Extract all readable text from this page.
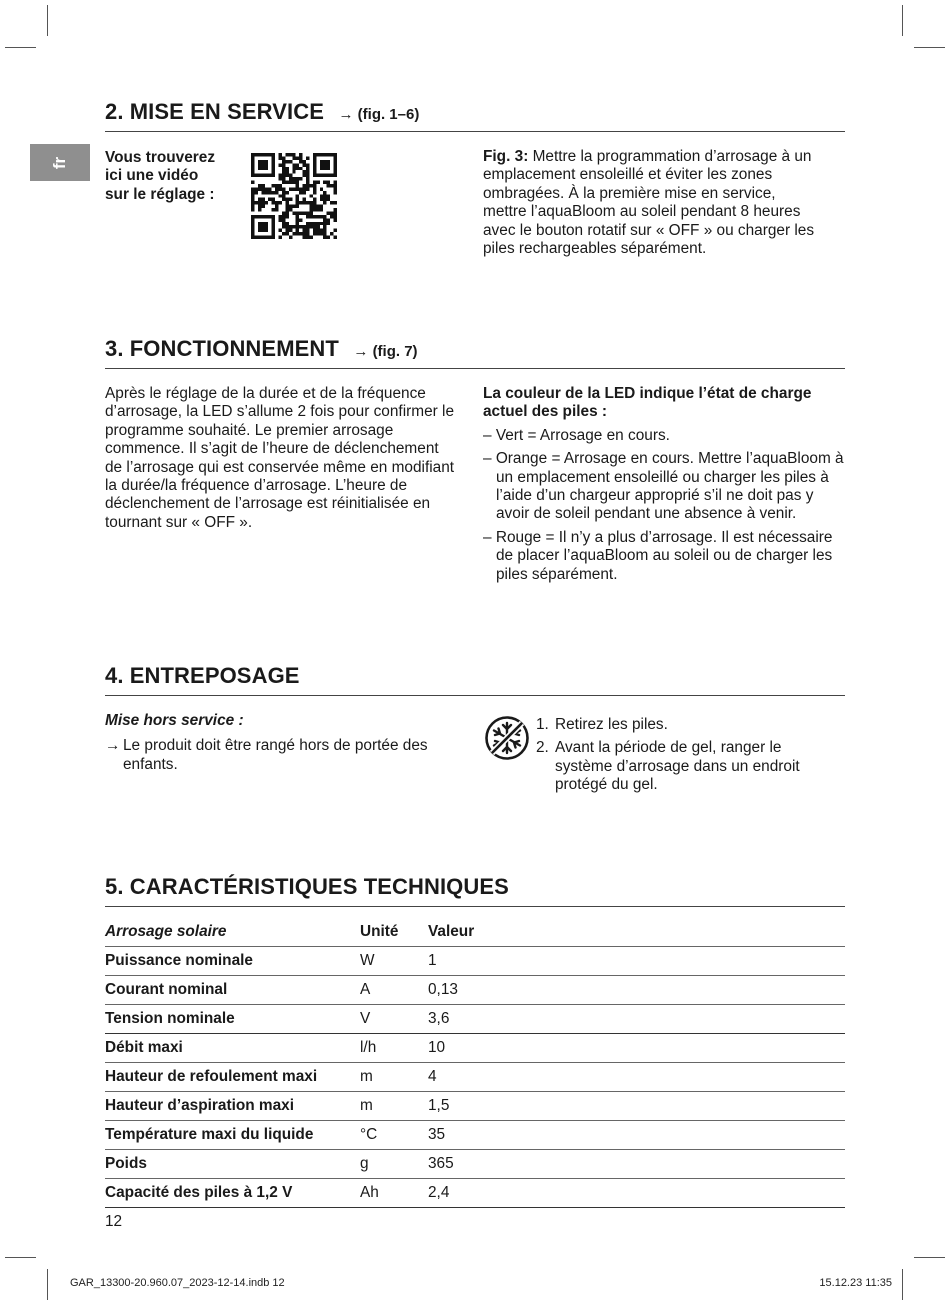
fr
2. MISE EN SERVICE → (fig. 1–6)
Vous trouverez
ici une vidéo
sur le réglage :
Fig. 3: Mettre la programmation d’arrosage à un emplacement ensoleillé et éviter les zones ombragées. À la première mise en service, mettre l’aquaBloom au soleil pendant 8 heures avec le bouton rotatif sur « OFF » ou charger les piles rechargeables séparément.
3. FONCTIONNEMENT → (fig. 7)
Après le réglage de la durée et de la fréquence d’arrosage, la LED s’allume 2 fois pour confirmer le programme souhaité. Le premier arrosage commence. Il s’agit de l’heure de déclenchement de l’arrosage qui est conservée même en modifiant la durée/la fréquence d’arrosage. L’heure de déclenchement de l’arrosage est réinitialisée en tournant sur « OFF ».
La couleur de la LED indique l’état de charge actuel des piles :
– Vert = Arrosage en cours.
– Orange = Arrosage en cours. Mettre l’aquaBloom à un emplacement ensoleillé ou charger les piles à l’aide d’un chargeur approprié s’il ne doit pas y avoir de soleil pendant une absence à venir.
– Rouge = Il n’y a plus d’arrosage. Il est nécessaire de placer l’aquaBloom au soleil ou de charger les piles séparément.
4. ENTREPOSAGE
Mise hors service :
→ Le produit doit être rangé hors de portée des enfants.
1. Retirez les piles.
2. Avant la période de gel, ranger le système d’arrosage dans un endroit protégé du gel.
5. CARACTÉRISTIQUES TECHNIQUES
Arrosage solaire	Unité	Valeur
Puissance nominale	W	1
Courant nominal	A	0,13
Tension nominale	V	3,6
Débit maxi	l/h	10
Hauteur de refoulement maxi	m	4
Hauteur d’aspiration maxi	m	1,5
Température maxi du liquide	°C	35
Poids	g	365
Capacité des piles à 1,2 V	Ah	2,4
12
GAR_13300-20.960.07_2023-12-14.indb 12	15.12.23 11:35
